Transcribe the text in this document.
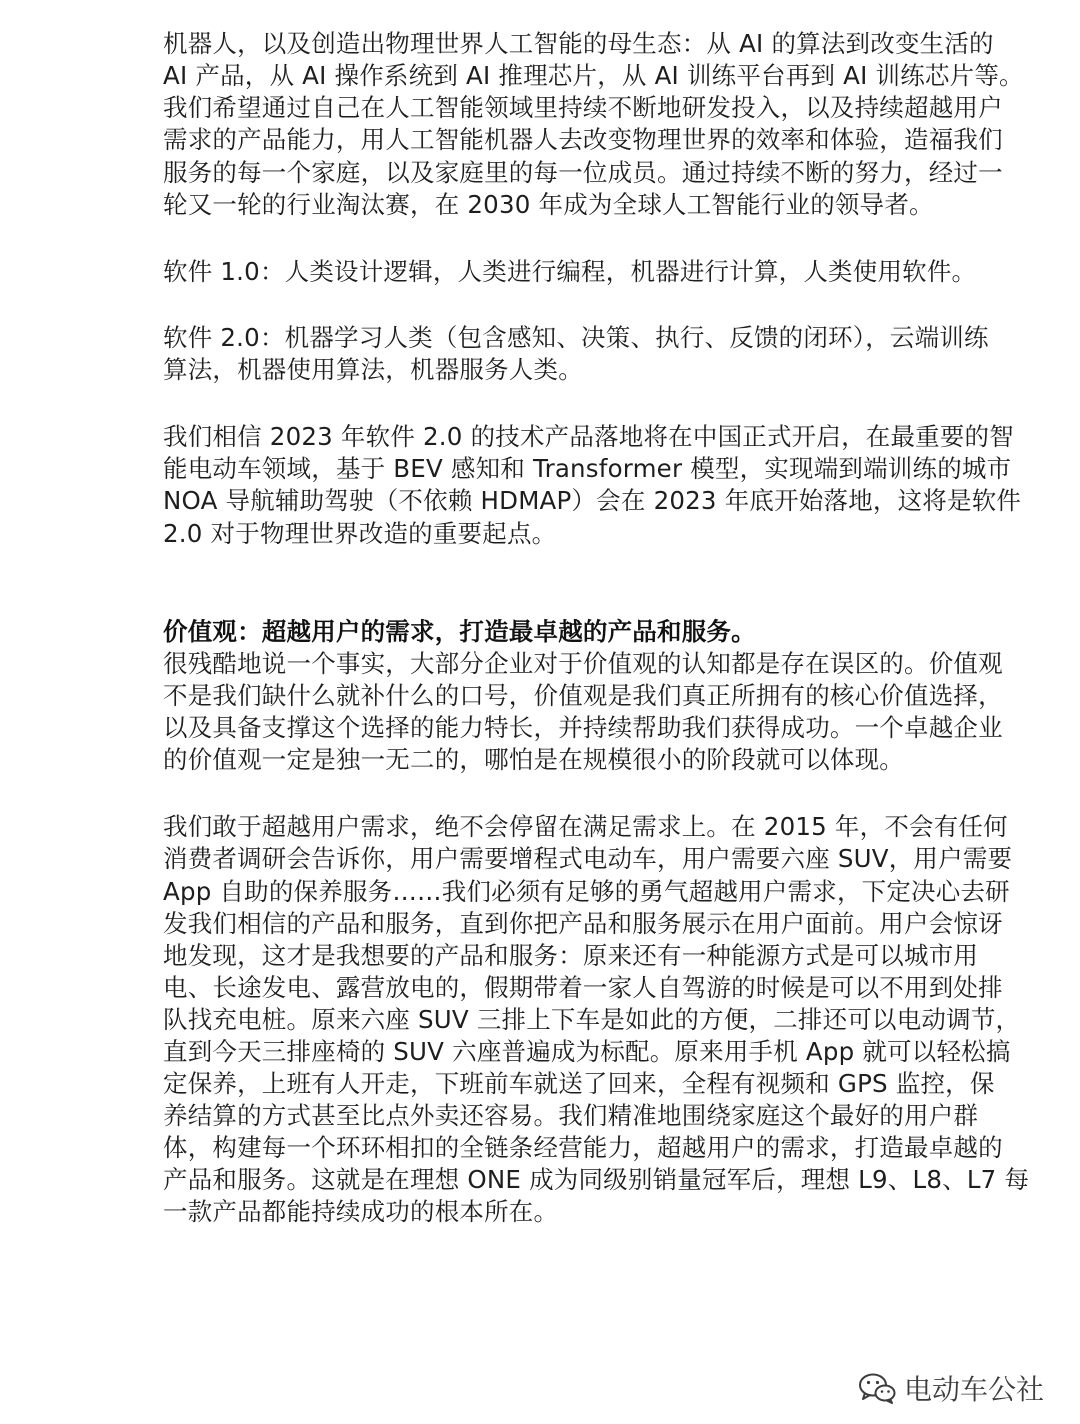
机器人，以及创造出物理世界人工智能的母生态：从 AI 的算法到改变生活的

AI 产品，从 AI 操作系统到 AI 推理芯片，从 AI 训练平台再到 AI 训练芯片等。

我们希望通过自己在人工智能领域里持续不断地研发投入，以及持续超越用户

需求的产品能力，用人工智能机器人去改变物理世界的效率和体验，造福我们

服务的每一个家庭，以及家庭里的每一位成员。通过持续不断的努力，经过一

轮又一轮的行业淘汰赛，在 2030 年成为全球人工智能行业的领导者。

软件 1.0：人类设计逻辑，人类进行编程，机器进行计算，人类使用软件。

软件 2.0：机器学习人类（包含感知、决策、执行、反馈的闭环），云端训练

算法，机器使用算法，机器服务人类。

我们相信 2023 年软件 2.0 的技术产品落地将在中国正式开启，在最重要的智

能电动车领域，基于 BEV 感知和 Transformer 模型，实现端到端训练的城市

NOA 导航辅助驾驶（不依赖 HDMAP）会在 2023 年底开始落地，这将是软件

2.0 对于物理世界改造的重要起点。

价值观：超越用户的需求，打造最卓越的产品和服务。

很残酷地说一个事实，大部分企业对于价值观的认知都是存在误区的。价值观

不是我们缺什么就补什么的口号，价值观是我们真正所拥有的核心价值选择，

以及具备支撑这个选择的能力特长，并持续帮助我们获得成功。一个卓越企业

的价值观一定是独一无二的，哪怕是在规模很小的阶段就可以体现。

我们敢于超越用户需求，绝不会停留在满足需求上。在 2015 年，不会有任何

消费者调研会告诉你，用户需要增程式电动车，用户需要六座 SUV，用户需要

App 自助的保养服务……我们必须有足够的勇气超越用户需求，下定决心去研

发我们相信的产品和服务，直到你把产品和服务展示在用户面前。用户会惊讶

地发现，这才是我想要的产品和服务：原来还有一种能源方式是可以城市用

电、长途发电、露营放电的，假期带着一家人自驾游的时候是可以不用到处排

队找充电桩。原来六座 SUV 三排上下车是如此的方便，二排还可以电动调节，

直到今天三排座椅的 SUV 六座普遍成为标配。原来用手机 App 就可以轻松搞

定保养，上班有人开走，下班前车就送了回来，全程有视频和 GPS 监控，保

养结算的方式甚至比点外卖还容易。我们精准地围绕家庭这个最好的用户群

体，构建每一个环环相扣的全链条经营能力，超越用户的需求，打造最卓越的

产品和服务。这就是在理想 ONE 成为同级别销量冠军后，理想 L9、L8、L7 每

一款产品都能持续成功的根本所在。

电动车公社
